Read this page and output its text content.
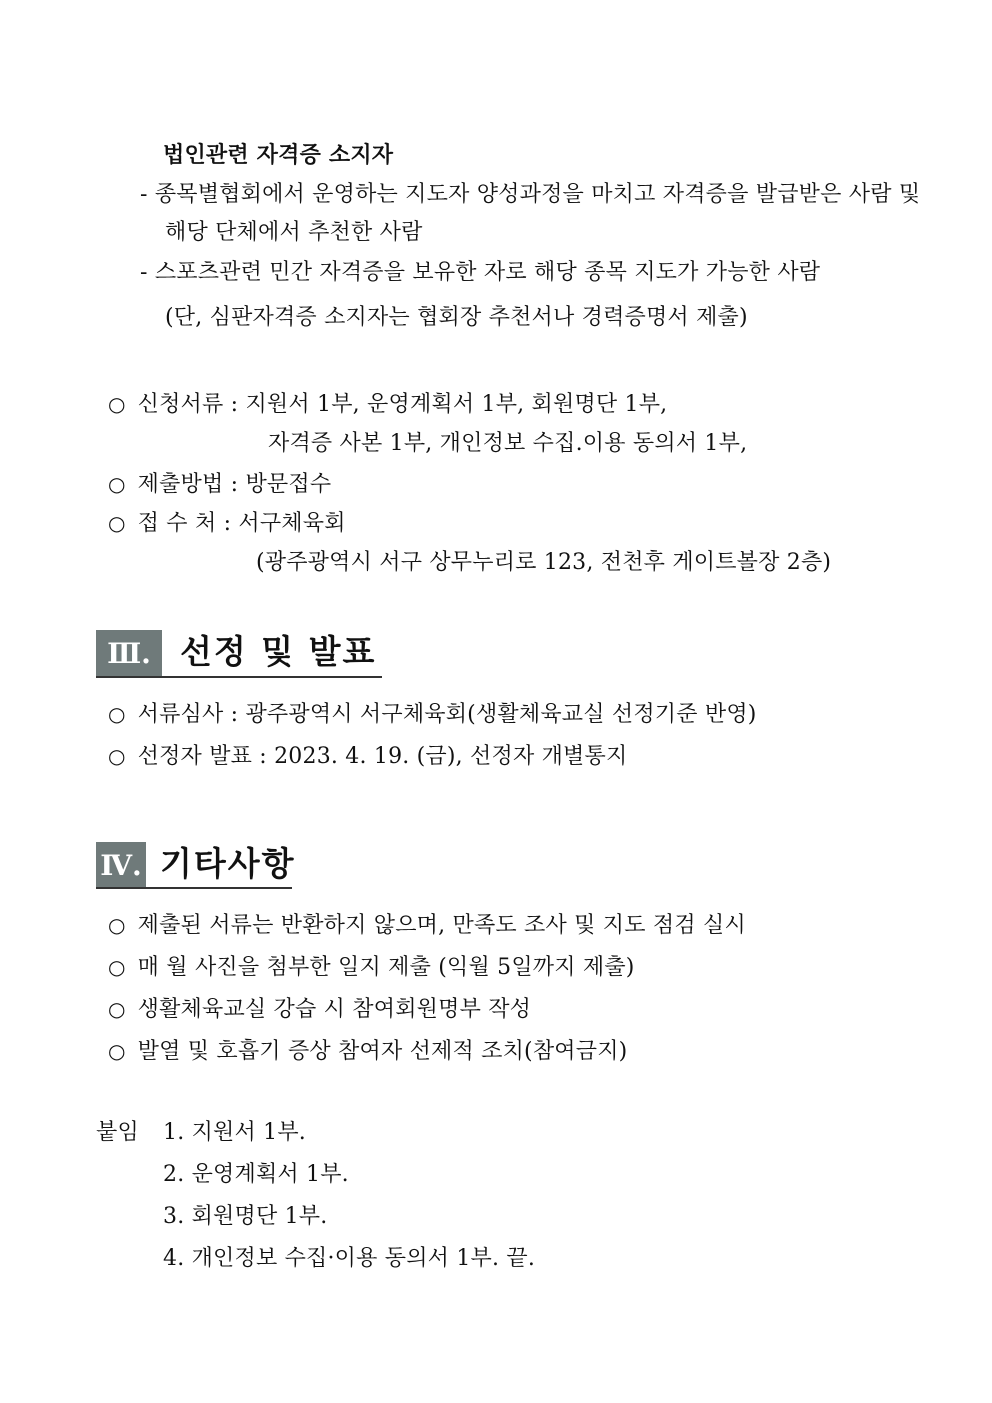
법인관련 자격증 소지자
- 종목별협회에서 운영하는 지도자 양성과정을 마치고 자격증을 발급받은 사람 및
해당 단체에서 추천한 사람
- 스포츠관련 민간 자격증을 보유한 자로 해당 종목 지도가 가능한 사람
(단, 심판자격증 소지자는 협회장 추천서나 경력증명서 제출)
○ 신청서류 : 지원서 1부, 운영계획서 1부, 회원명단 1부,
자격증 사본 1부, 개인정보 수집.이용 동의서 1부,
○ 제출방법 : 방문접수
○ 접 수 처 : 서구체육회
(광주광역시 서구 상무누리로 123, 전천후 게이트볼장 2층)
Ⅲ. 선정 및 발표
○ 서류심사 : 광주광역시 서구체육회(생활체육교실 선정기준 반영)
○ 선정자 발표 : 2023. 4. 19. (금), 선정자 개별통지
Ⅳ. 기타사항
○ 제출된 서류는 반환하지 않으며, 만족도 조사 및 지도 점검 실시
○ 매 월 사진을 첨부한 일지 제출 (익월 5일까지 제출)
○ 생활체육교실 강습 시 참여회원명부 작성
○ 발열 및 호흡기 증상 참여자 선제적 조치(참여금지)
붙임 1. 지원서 1부.
2. 운영계획서 1부.
3. 회원명단 1부.
4. 개인정보 수집·이용 동의서 1부. 끝.
